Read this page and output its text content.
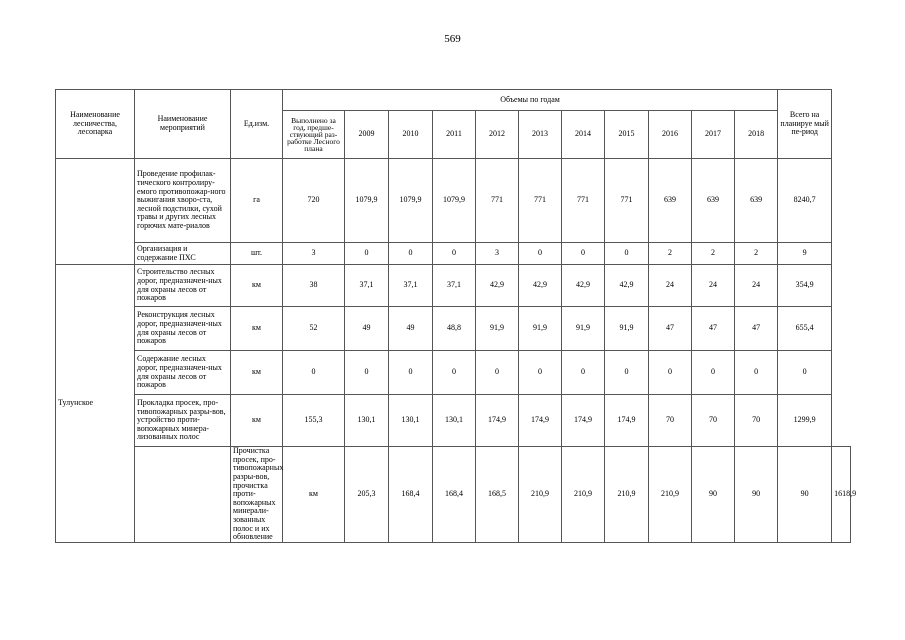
569
Наименование лесничества, лесопарка	Наименование мероприятий	Ед.изм.	Объемы по годам											Всего на планируе мый пе-риод	
			Выполнено за год, предше-ствующий раз-работке Лесного плана	2009	2010	2011	2012	2013	2014	2015	2016	2017	2018		
	Проведение профилак-тического контролиру-емого противопожар-ного выжигания хворо-ста, лесной подстилки, сухой травы и других лесных горючих мате-риалов	га	720	1079,9	1079,9	1079,9	771	771	771	771	639	639	639	8240,7	
	Организация и содержание ПХС	шт.	3	0	0	0	3	0	0	0	2	2	2	9	
Тулунское	Строительство лесных дорог, предназначен-ных для охраны лесов от пожаров	км	38	37,1	37,1	37,1	42,9	42,9	42,9	42,9	24	24	24	354,9	
	Реконструкция лесных дорог, предназначен-ных для охраны лесов от пожаров	км	52	49	49	48,8	91,9	91,9	91,9	91,9	47	47	47	655,4	
	Содержание лесных дорог, предназначен-ных для охраны лесов от пожаров	км	0	0	0	0	0	0	0	0	0	0	0	0	
	Прокладка просек, про-тивопожарных разры-вов, устройство проти-вопожарных минера-лизованных полос	км	155,3	130,1	130,1	130,1	174,9	174,9	174,9	174,9	70	70	70	1299,9	
		Прочистка просек, про-тивопожарных разры-вов, прочистка проти-вопожарных минерали-зованных полос и их обновление	км	205,3	168,4	168,4	168,5	210,9	210,9	210,9	210,9	90	90	90	1618,9
